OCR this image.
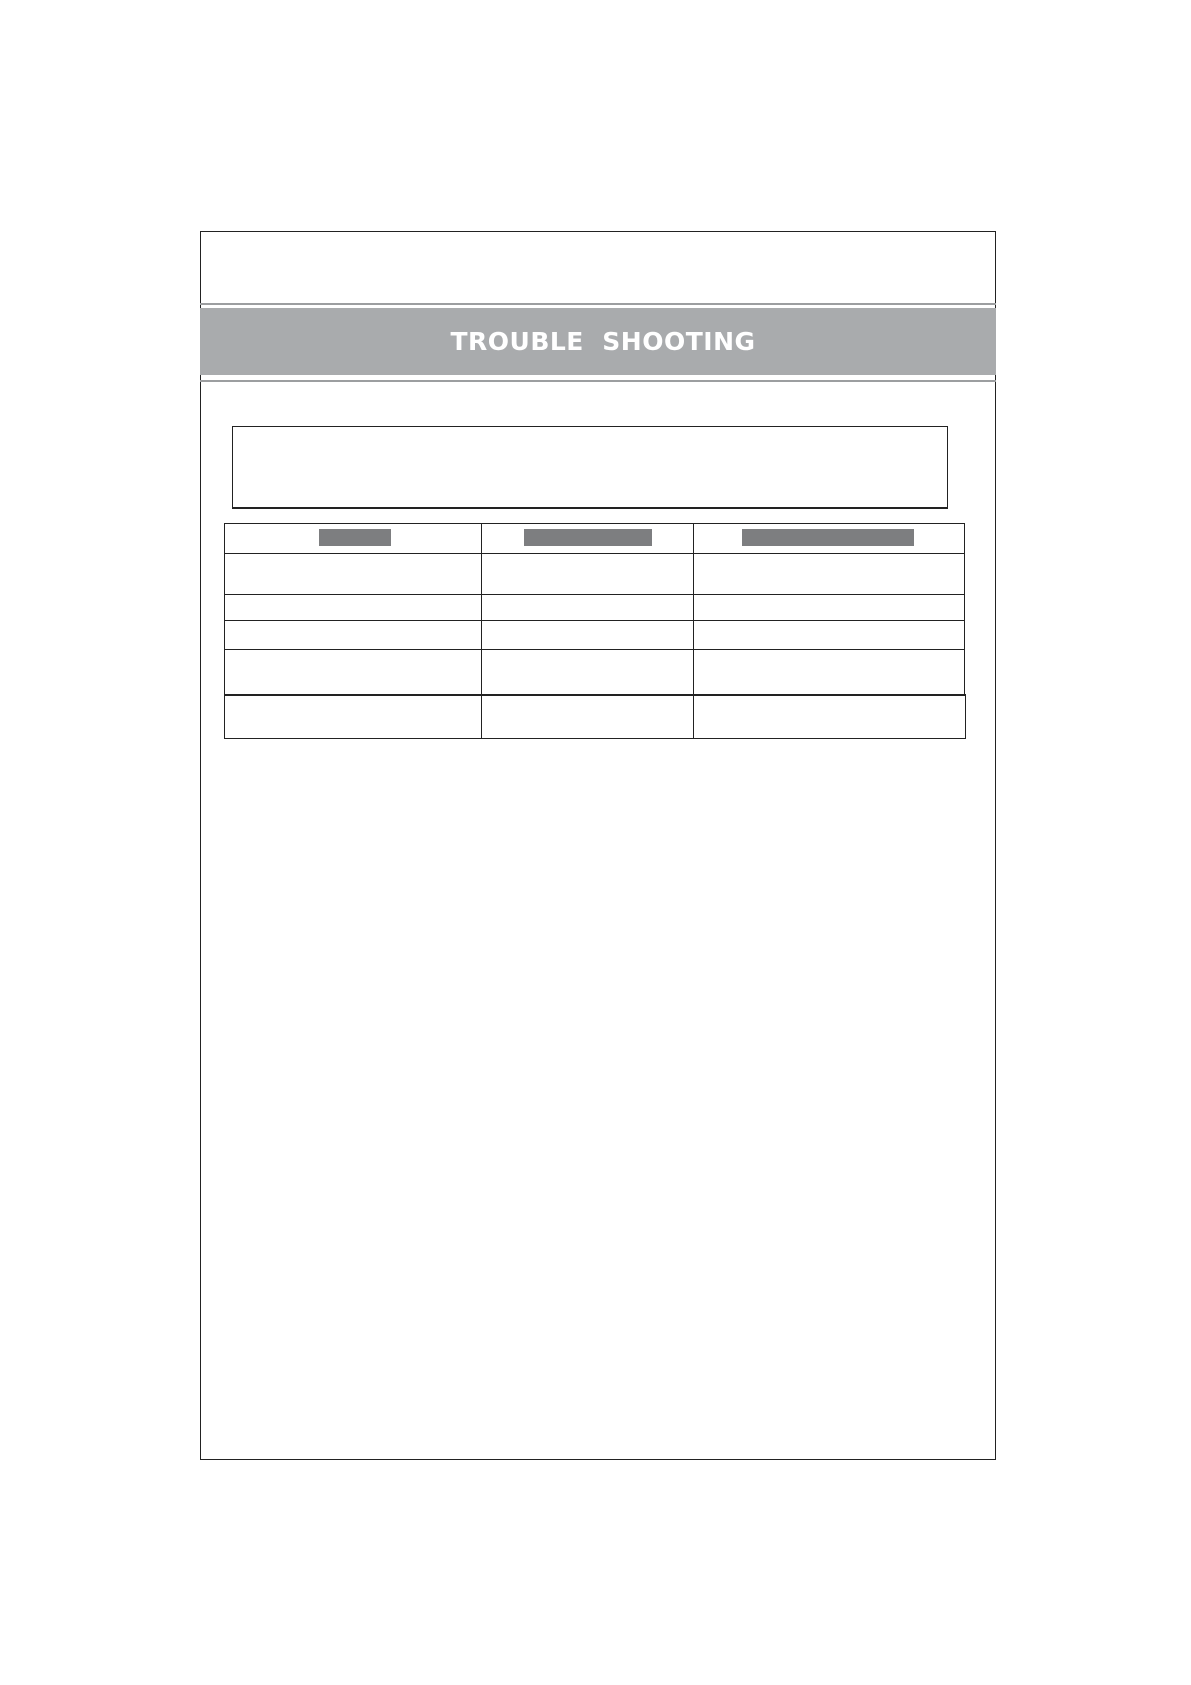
TROUBLE  SHOOTING
